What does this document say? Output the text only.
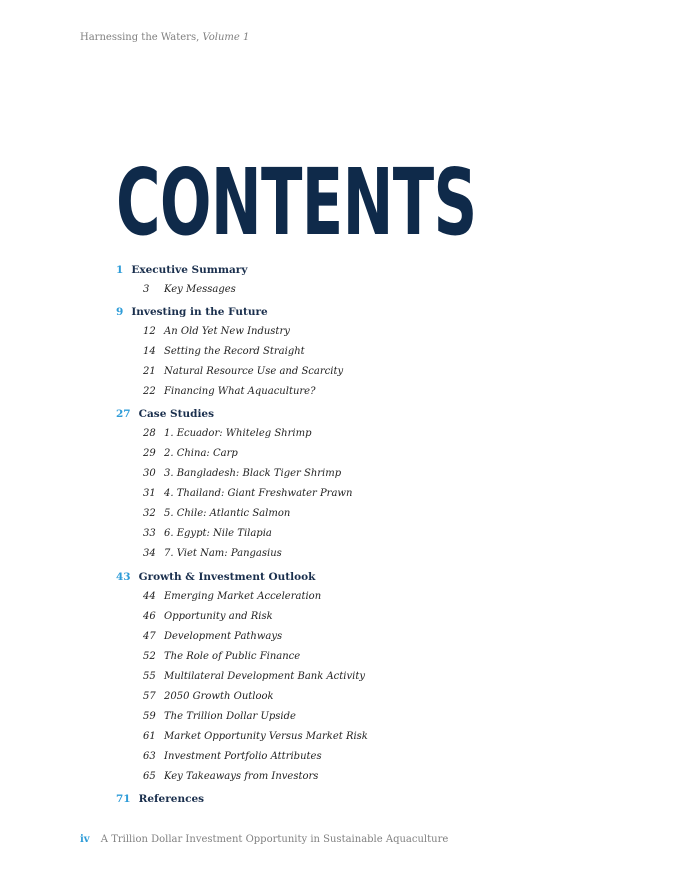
Harnessing the Waters, Volume 1
CONTENTS
1 Executive Summary
3 Key Messages
9 Investing in the Future
12 An Old Yet New Industry
14 Setting the Record Straight
21 Natural Resource Use and Scarcity
22 Financing What Aquaculture?
27 Case Studies
28 1. Ecuador: Whiteleg Shrimp
29 2. China: Carp
30 3. Bangladesh: Black Tiger Shrimp
31 4. Thailand: Giant Freshwater Prawn
32 5. Chile: Atlantic Salmon
33 6. Egypt: Nile Tilapia
34 7. Viet Nam: Pangasius
43 Growth & Investment Outlook
44 Emerging Market Acceleration
46 Opportunity and Risk
47 Development Pathways
52 The Role of Public Finance
55 Multilateral Development Bank Activity
57 2050 Growth Outlook
59 The Trillion Dollar Upside
61 Market Opportunity Versus Market Risk
63 Investment Portfolio Attributes
65 Key Takeaways from Investors
71 References
iv A Trillion Dollar Investment Opportunity in Sustainable Aquaculture
